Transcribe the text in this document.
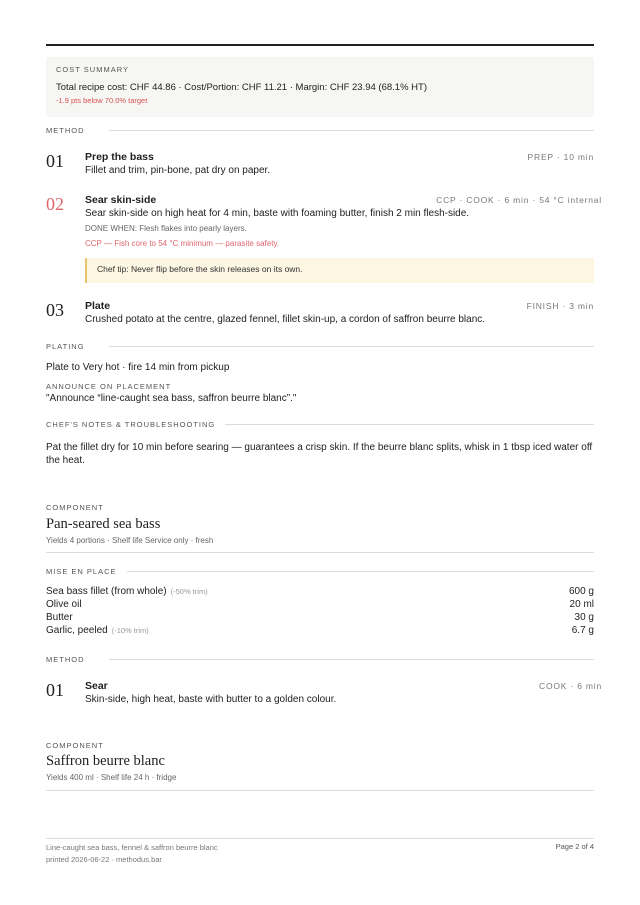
COST SUMMARY
Total recipe cost: CHF 44.86 · Cost/Portion: CHF 11.21 · Margin: CHF 23.94 (68.1% HT)
-1.9 pts below 70.0% target
METHOD
01 Prep the bass	PREP · 10 min
Fillet and trim, pin-bone, pat dry on paper.
02 Sear skin-side	CCP · COOK · 6 min · 54 °C internal
Sear skin-side on high heat for 4 min, baste with foaming butter, finish 2 min flesh-side.
DONE WHEN: Flesh flakes into pearly layers.
CCP — Fish core to 54 °C minimum — parasite safety.
Chef tip: Never flip before the skin releases on its own.
03 Plate	FINISH · 3 min
Crushed potato at the centre, glazed fennel, fillet skin-up, a cordon of saffron beurre blanc.
PLATING
Plate to Very hot · fire 14 min from pickup
ANNOUNCE ON PLACEMENT
"Announce “line-caught sea bass, saffron beurre blanc”."
CHEF'S NOTES & TROUBLESHOOTING
Pat the fillet dry for 10 min before searing — guarantees a crisp skin. If the beurre blanc splits, whisk in 1 tbsp iced water off the heat.
COMPONENT
Pan-seared sea bass
Yields 4 portions · Shelf life Service only · fresh
MISE EN PLACE
Sea bass fillet (from whole) (-50% trim)	600 g
Olive oil	20 ml
Butter	30 g
Garlic, peeled (-10% trim)	6.7 g
METHOD
01 Sear	COOK · 6 min
Skin-side, high heat, baste with butter to a golden colour.
COMPONENT
Saffron beurre blanc
Yields 400 ml · Shelf life 24 h · fridge
Line-caught sea bass, fennel & saffron beurre blanc
printed 2026-06-22 · methodus.bar
Page 2 of 4
